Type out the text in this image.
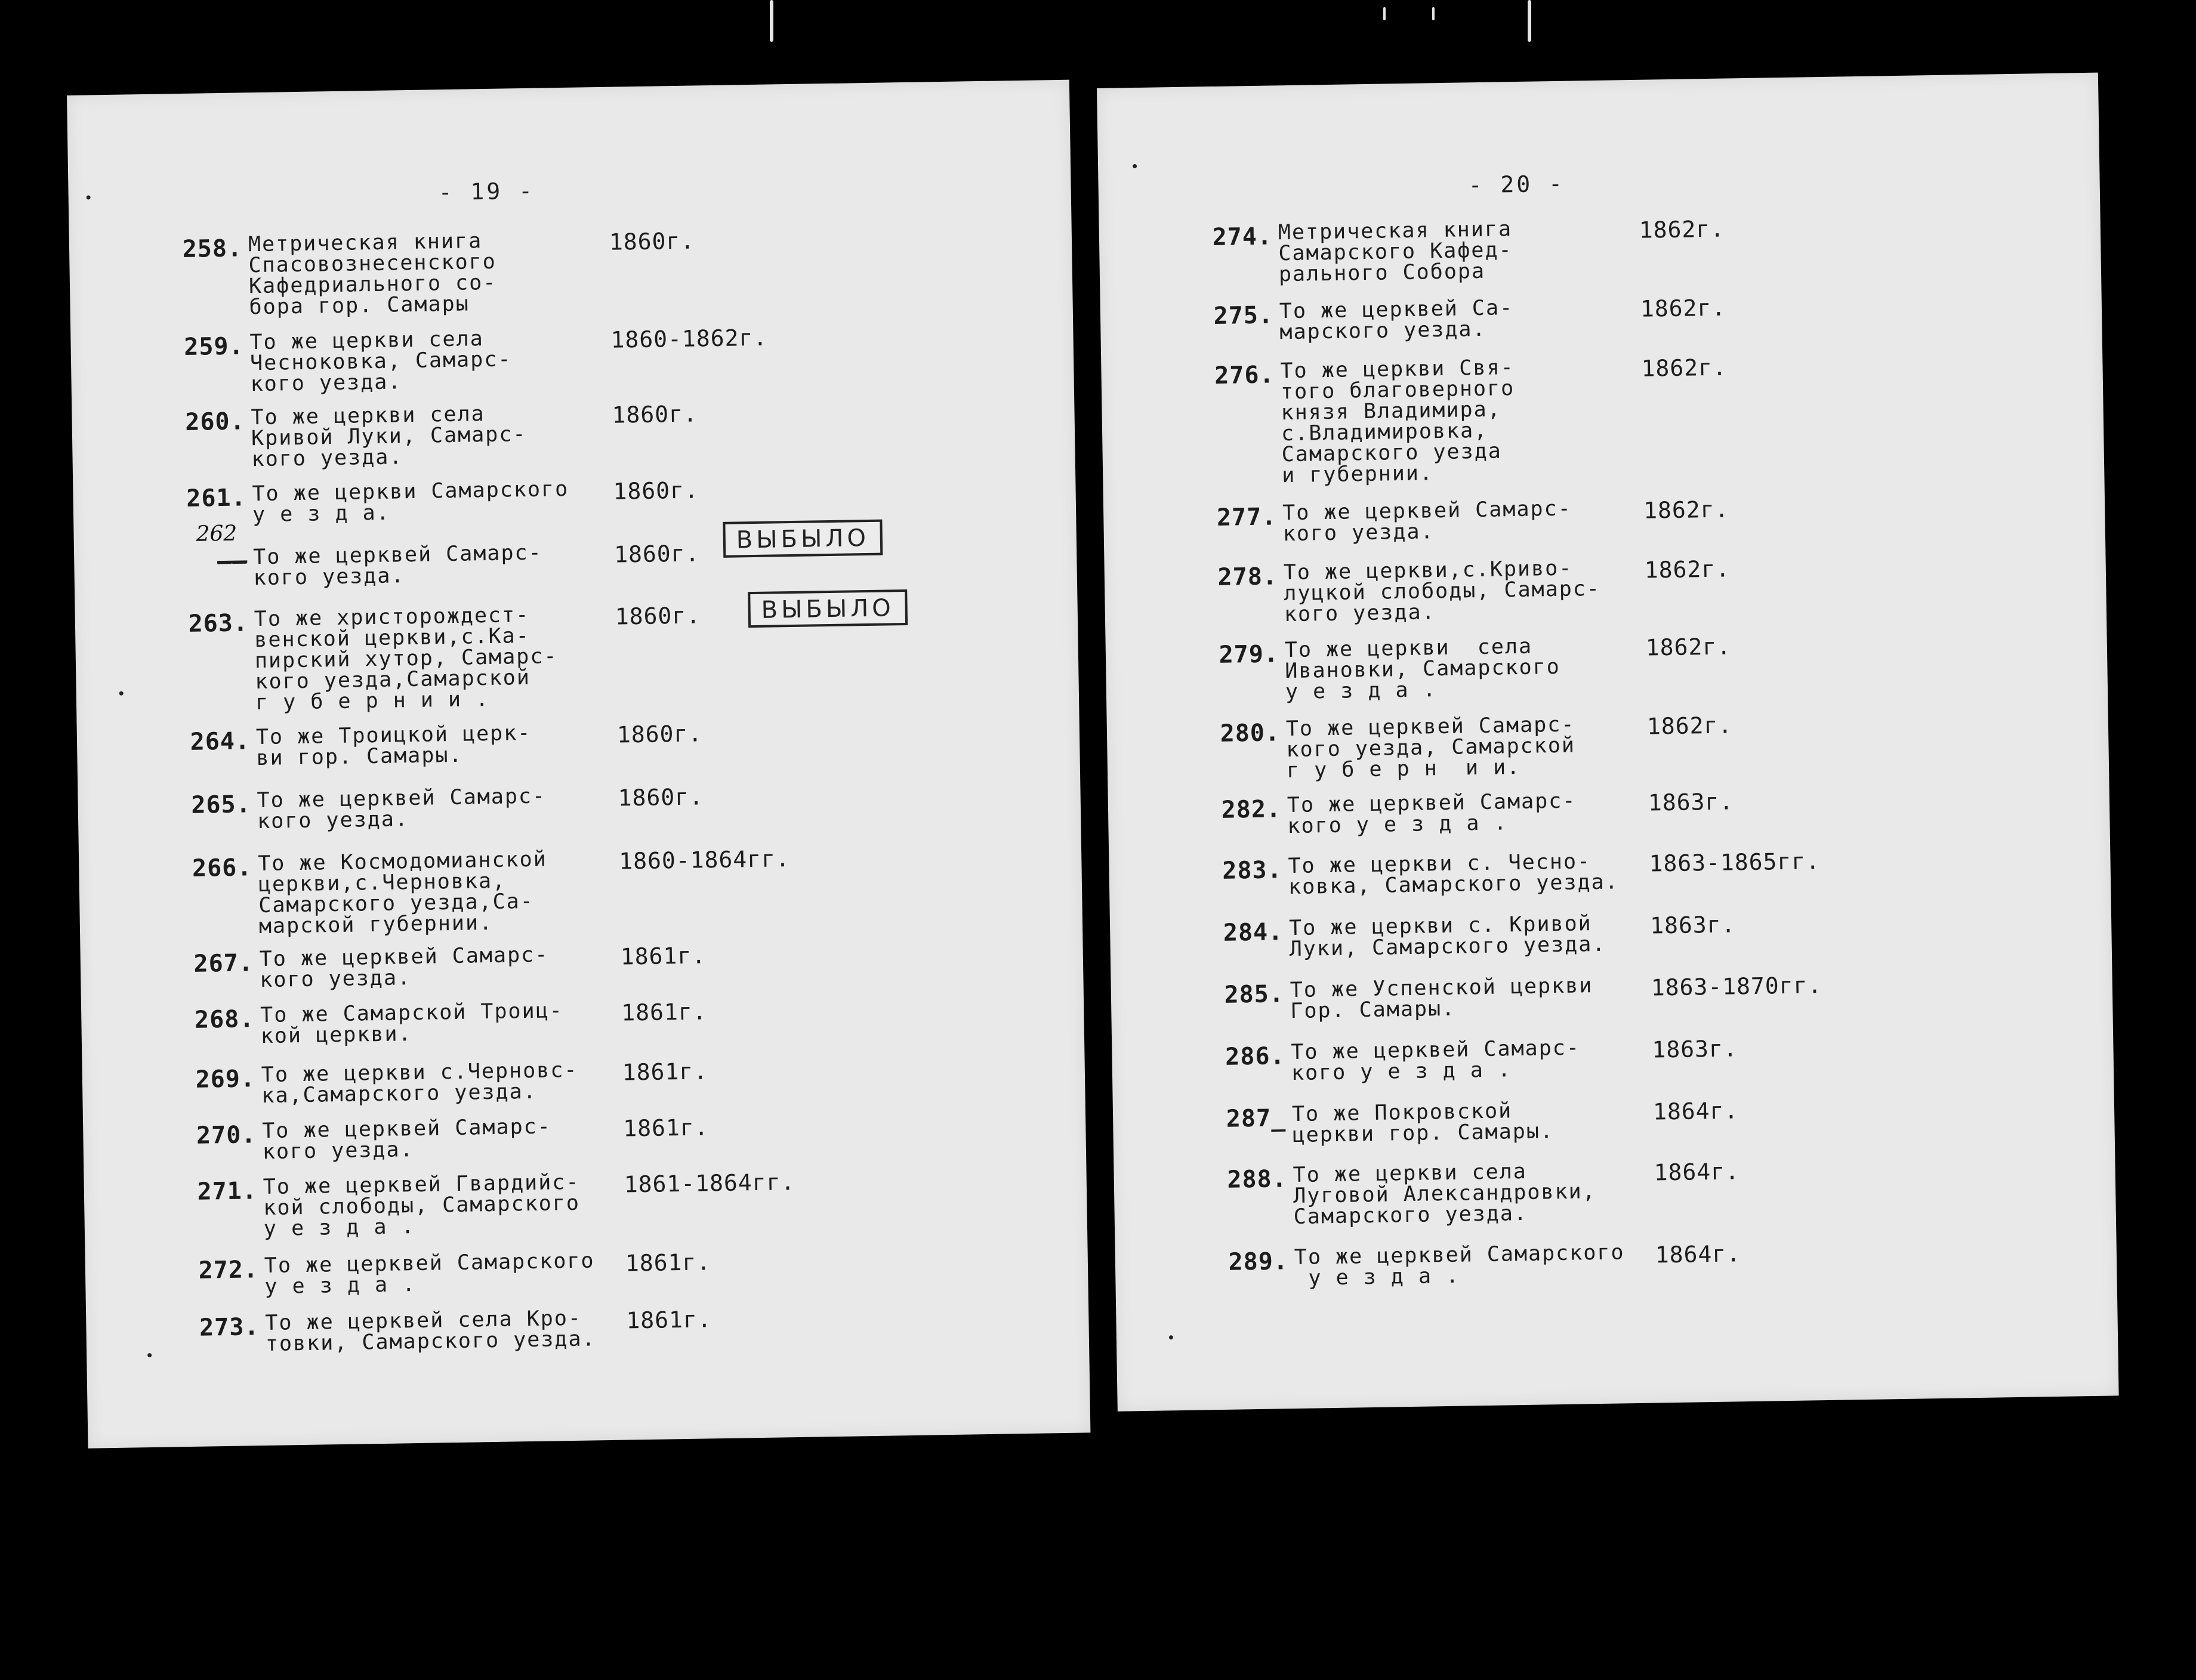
- 19 -
258. Метрическая книга
Спасовознесенского
Кафедриального со-
бора гор. Самары
1860г.
259. То же церкви села
Чесноковка, Самарс-
кого уезда.
1860-1862г.
260. То же церкви села
Кривой Луки, Самарс-
кого уезда.
1860г.
261. То же церкви Самарского
у е з д а.
1860г.
—— То же церквей Самарс-
кого уезда.
1860г.
263. То же христорождест-
венской церкви,с.Ка-
пирский хутор, Самарс-
кого уезда,Самарской
г у б е р н и и .
1860г.
264. То же Троицкой церк-
ви гор. Самары.
1860г.
265. То же церквей Самарс-
кого уезда.
1860г.
266. То же Космодомианской
церкви,с.Черновка,
Самарского уезда,Са-
марской губернии.
1860-1864гг.
267. То же церквей Самарс-
кого уезда.
1861г.
268. То же Самарской Троиц-
кой церкви.
1861г.
269. То же церкви с.Черновс-
ка,Самарского уезда.
1861г.
270. То же церквей Самарс-
кого уезда.
1861г.
271. То же церквей Гвардийс-
кой слободы, Самарского
у е з д а .
1861-1864гг.
272. То же церквей Самарского
у е з д а .
1861г.
273. То же церквей села Кро-
товки, Самарского уезда.
1861г.
262	ВЫБЫЛО
ВЫБЫЛО
- 20 -
274. Метрическая книга
Самарского Кафед-
рального Собора
1862г.
275. То же церквей Са-
марского уезда.
1862г.
276. То же церкви Свя-
того благоверного
князя Владимира,
с.Владимировка,
Самарского уезда
и губернии.
1862г.
277. То же церквей Самарс-
кого уезда.
1862г.
278. То же церкви,с.Криво-
луцкой слободы, Самарс-
кого уезда.
1862г.
279. То же церкви  села
Ивановки, Самарского
у е з д а .
1862г.
280. То же церквей Самарс-
кого уезда, Самарской
г у б е р н  и и.
1862г.
282. То же церквей Самарс-
кого у е з д а .
1863г.
283. То же церкви с. Чесно-
ковка, Самарского уезда.
1863-1865гг.
284. То же церкви с. Кривой
Луки, Самарского уезда.
1863г.
285. То же Успенской церкви
Гор. Самары.
1863-1870гг.
286. То же церквей Самарс-
кого у е з д а .
1863г.
287_ То же Покровской
церкви гор. Самары.
1864г.
288. То же церкви села
Луговой Александровки,
Самарского уезда.
1864г.
289. То же церквей Самарского
у е з д а .
1864г.
